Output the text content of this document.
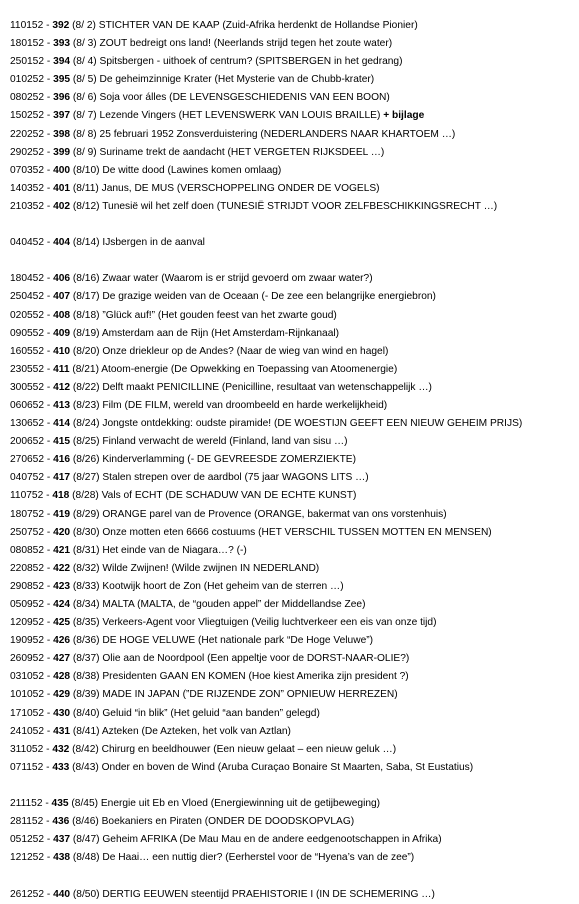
110152 - 392 (8/ 2) STICHTER VAN DE KAAP (Zuid-Afrika herdenkt de Hollandse Pionier)
180152 - 393 (8/ 3) ZOUT bedreigt ons land! (Neerlands strijd tegen het zoute water)
250152 - 394 (8/ 4) Spitsbergen - uithoek of centrum? (SPITSBERGEN in het gedrang)
010252 - 395 (8/ 5) De geheimzinnige Krater (Het Mysterie van de Chubb-krater)
080252 - 396 (8/ 6) Soja voor álles (DE LEVENSGESCHIEDENIS VAN EEN BOON)
150252 - 397 (8/ 7) Lezende Vingers (HET LEVENSWERK VAN LOUIS BRAILLE) + bijlage
220252 - 398 (8/ 8) 25 februari 1952 Zonsverduistering (NEDERLANDERS NAAR KHARTOEM …)
290252 - 399 (8/ 9) Suriname trekt de aandacht (HET VERGETEN RIJKSDEEL …)
070352 - 400 (8/10) De witte dood (Lawines komen omlaag)
140352 - 401 (8/11) Janus, DE MUS (VERSCHOPPELING ONDER DE VOGELS)
210352 - 402 (8/12) Tunesië wil het zelf doen (TUNESIË STRIJDT VOOR ZELFBESCHIKKINGSRECHT …)
040452 - 404 (8/14) IJsbergen in de aanval
180452 - 406 (8/16) Zwaar water (Waarom is er strijd gevoerd om zwaar water?)
250452 - 407 (8/17) De grazige weiden van de Oceaan (- De zee een belangrijke energiebron)
020552 - 408 (8/18) ”Glück auf!” (Het gouden feest van het zwarte goud)
090552 - 409 (8/19) Amsterdam aan de Rijn (Het Amsterdam-Rijnkanaal)
160552 - 410 (8/20) Onze driekleur op de Andes? (Naar de wieg van wind en hagel)
230552 - 411 (8/21) Atoom-energie (De Opwekking en Toepassing van Atoomenergie)
300552 - 412 (8/22) Delft maakt PENICILLINE (Penicilline, resultaat van wetenschappelijk …)
060652 - 413 (8/23) Film (DE FILM, wereld van droombeeld en harde werkelijkheid)
130652 - 414 (8/24) Jongste ontdekking: oudste piramide! (DE WOESTIJN GEEFT EEN NIEUW GEHEIM PRIJS)
200652 - 415 (8/25) Finland verwacht de wereld (Finland, land van sisu …)
270652 - 416 (8/26) Kinderverlamming (- DE GEVREESDE ZOMERZIEKTE)
040752 - 417 (8/27) Stalen strepen over de aardbol (75 jaar WAGONS LITS …)
110752 - 418 (8/28) Vals of ECHT (DE SCHADUW VAN DE ECHTE KUNST)
180752 - 419 (8/29) ORANGE parel van de Provence (ORANGE, bakermat van ons vorstenhuis)
250752 - 420 (8/30) Onze motten eten 6666 costuums (HET VERSCHIL TUSSEN MOTTEN EN MENSEN)
080852 - 421 (8/31) Het einde van de Niagara…? (-)
220852 - 422 (8/32) Wilde Zwijnen! (Wilde zwijnen IN NEDERLAND)
290852 - 423 (8/33) Kootwijk hoort de Zon (Het geheim van de sterren …)
050952 - 424 (8/34) MALTA (MALTA, de “gouden appel” der Middellandse Zee)
120952 - 425 (8/35) Verkeers-Agent voor Vliegtuigen (Veilig luchtverkeer een eis van onze tijd)
190952 - 426 (8/36) DE HOGE VELUWE (Het nationale park “De Hoge Veluwe”)
260952 - 427 (8/37) Olie aan de Noordpool (Een appeltje voor de DORST-NAAR-OLIE?)
031052 - 428 (8/38) Presidenten GAAN EN KOMEN (Hoe kiest Amerika zijn president ?)
101052 - 429 (8/39) MADE IN JAPAN (”DE RIJZENDE ZON” OPNIEUW HERREZEN)
171052 - 430 (8/40) Geluid “in blik” (Het geluid “aan banden” gelegd)
241052 - 431 (8/41) Azteken (De Azteken, het volk van Aztlan)
311052 - 432 (8/42) Chirurg en beeldhouwer (Een nieuw gelaat – een nieuw geluk …)
071152 - 433 (8/43) Onder en boven de Wind (Aruba Curaçao Bonaire St Maarten, Saba, St Eustatius)
211152 - 435 (8/45) Energie uit Eb en Vloed (Energiewinning uit de getijbeweging)
281152 - 436 (8/46) Boekaniers en Piraten (ONDER DE DOODSKOPVLAG)
051252 - 437 (8/47) Geheim AFRIKA (De Mau Mau en de andere eedgenootschappen in Afrika)
121252 - 438 (8/48) De Haai… een nuttig dier? (Eerherstel voor de “Hyena’s van de zee”)
261252 - 440 (8/50) DERTIG EEUWEN steentijd PRAEHISTORIE I (IN DE SCHEMERING …)
